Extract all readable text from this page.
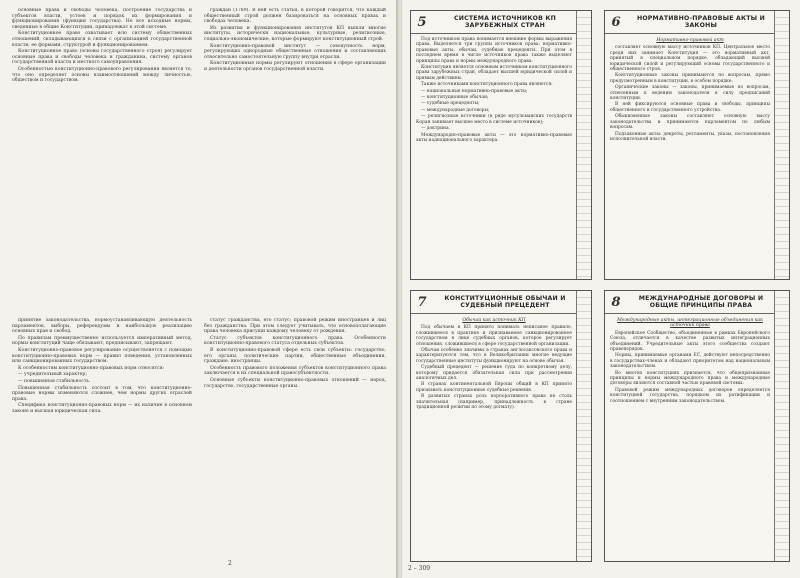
основные права и свободы человека, построение государства и субъектов власти, устоев и порядок их формирования и функционирования (функции государства). Не все исходные нормы, сведенные в общие Конституции, принадлежат к этой системе.

Конституционное право охватывает всю систему общественных отношений, складывающихся в связи с организацией государственной власти, ее формами, структурой и функционированием.

Конституционное право (основы государственного строя) регулирует основные права и свободы человека и гражданина, систему органов государственной власти и местного самоуправления.

Особенностью конституционно-правового регулирования является то, что оно определяет основы взаимоотношений между личностью, обществом и государством.

граждан (1789). В ней есть статьи, в которой говорится, что каждый общественный строй должен базироваться на основных правах и свободах человека.

Из развития и функционирования институтов КП вышли многие институты, исторически национальные, культурные, религиозные, социально-экономические, которые формируют конституционный строй.

Конституционно-правовой институт — совокупность норм, регулирующих однородные общественные отношения и составляющих относительно самостоятельную группу внутри отрасли.

Конституционные нормы регулируют отношения в сфере организации и деятельности органов государственной власти.

принятие законодательства, нормоустанавливающую деятельность парламентов, выборы, референдумы и наибольшую реализацию основных прав и свобод.

По правилам преимущественно используется императивный метод, нормы конституций чаще обязывают, предписывают, запрещают.

Конституционно-правовое регулирование осуществляется с помощью конституционно-правовых норм — правил поведения, установленных или санкционированных государством.

К особенностям конституционно-правовых норм относятся:

— учредительный характер;

— повышенная стабильность.

Повышенная стабильность состоит в том, что конституционно-правовые нормы изменяются сложнее, чем нормы других отраслей права.

Специфика конституционно-правовых норм — их наличие в основном законе и высшая юридическая сила.

статус гражданства, его статус; правовой режим иностранцев и лиц без гражданства. При этом следует учитывать, что основополагающие права человека присущи каждому человеку от рождения.

Статус субъектов конституционного права. Особенности конституционно-правового статуса отдельных субъектов.

В конституционно-правовой сфере есть свои субъекты: государство, его органы, политические партии, общественные объединения, граждане, иностранцы.

Особенность правового положения субъектов конституционного права заключается в их специальной правосубъектности.

Основные субъекты конституционно-правовых отношений — народ, государство, государственные органы.

2
5	СИСТЕМА ИСТОЧНИКОВ КП ЗАРУБЕЖНЫХ СТРАН

Под источником права понимается внешние формы выражения права. Выделяется три группы источников права: нормативно-правовые акты, обычаи, судебные прецеденты. При этом в последнем время в числе источников права также выделяют принципы права и нормы международного права.

Конституция является основным источником конституционного права зарубежных стран, обладает высшей юридической силой и прямым действием.

Также источниками конституционного права являются:

— национальные нормативно-правовые акты;

— конституционные обычаи;

— судебные прецеденты;

— международные договоры;

— религиозные источники (в ряде мусульманских государств Коран занимает высшее место в системе источников);

— доктрина.

Международно-правовые акты — это нормативно-правовые акты наднационального характера.

6	НОРМАТИВНО-ПРАВОВЫЕ АКТЫ И ЗАКОНЫ
Нормативно-правовой акт

составляет основную массу источников КП. Центральное место среди них занимает Конституция — это нормативный акт, принятый в специальном порядке, обладающий высшей юридической силой и регулирующий основы государственного и общественного строя.

Конституционные законы принимаются по вопросам, прямо предусмотренным в конституции, в особом порядке.

Органические законы — законы, принимаемые по вопросам, отнесенным к ведению законодателя в силу предписаний конституции.

В ней фиксируются основные права и свободы, принципы общественного и государственного устройства.

Обыкновенные законы составляют основную массу законодательства и принимаются парламентом по любым вопросам.

Подзаконные акты: декреты, регламенты, указы, постановления исполнительной власти.

7	КОНСТИТУЦИОННЫЕ ОБЫЧАИ И СУДЕБНЫЙ ПРЕЦЕДЕНТ
Обычай как источник КП

Под обычаем в КП принято понимать неписаное правило, сложившееся в практике и признаваемое санкционированное государством в лице судебных органов, которое регулирует отношения, сложившиеся в сфере государственной организации.

Обычаи особенно значимы в странах англосаксонского права и характеризуются тем, что в Великобритании многие ведущие государственные институты функционируют на основе обычая.

Судебный прецедент — решение суда по конкретному делу, которому придается обязательная сила при рассмотрении аналогичных дел.

В странах континентальной Европы общий в КП принято признавать конституционные судебные решения.

В развитых странах роль корпоративного права не столь значительная (например, принадлежность к стране традиционной религии по этому догмату).

8	МЕЖДУНАРОДНЫЕ ДОГОВОРЫ И ОБЩИЕ ПРИНЦИПЫ ПРАВА
Международные акты, интеграционные объединения как источник права

Европейское Сообщество, объединенные в рамках Европейского Союза, отличается в качестве развитых интеграционных объединений. Учредительные акты этого сообщества создают правопорядок.

Нормы, принимаемые органами ЕС, действуют непосредственно в государствах-членах и обладают приоритетом над национальным законодательством.

Во многих конституциях признается, что общепризнанные принципы и нормы международного права и международные договоры являются составной частью правовой системы.

Правовой режим международных договоров определяется конституцией государства, порядком их ратификации и соотношением с внутренним законодательством.

2 – 309
